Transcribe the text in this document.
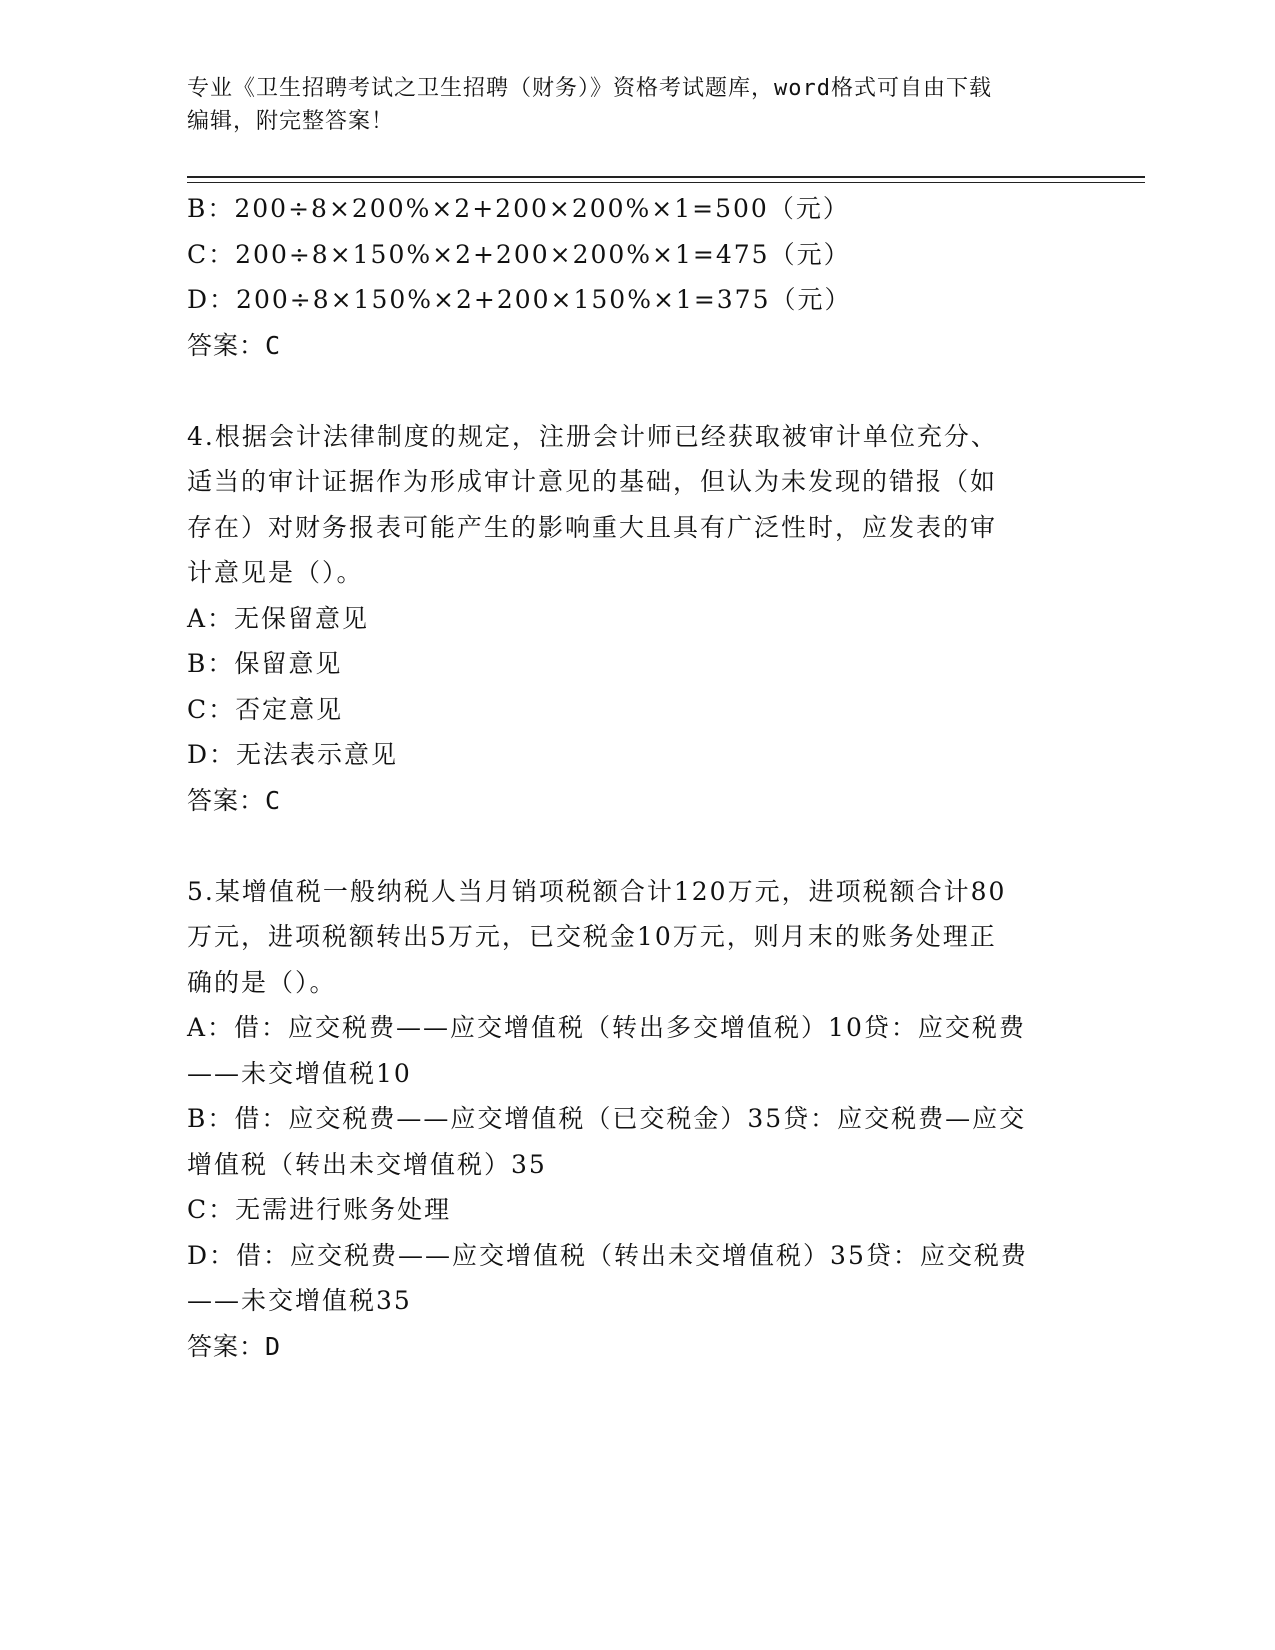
专业《卫生招聘考试之卫生招聘（财务）》资格考试题库，word格式可自由下载
编辑，附完整答案！
B：200÷8×200%×2+200×200%×1=500（元）
C：200÷8×150%×2+200×200%×1=475（元）
D：200÷8×150%×2+200×150%×1=375（元）
答案：C
4.根据会计法律制度的规定，注册会计师已经获取被审计单位充分、
适当的审计证据作为形成审计意见的基础，但认为未发现的错报（如
存在）对财务报表可能产生的影响重大且具有广泛性时，应发表的审
计意见是（）。
A：无保留意见
B：保留意见
C：否定意见
D：无法表示意见
答案：C
5.某增值税一般纳税人当月销项税额合计120万元，进项税额合计80
万元，进项税额转出5万元，已交税金10万元，则月末的账务处理正
确的是（）。
A：借：应交税费——应交增值税（转出多交增值税）10贷：应交税费
——未交增值税10
B：借：应交税费——应交增值税（已交税金）35贷：应交税费—应交
增值税（转出未交增值税）35
C：无需进行账务处理
D：借：应交税费——应交增值税（转出未交增值税）35贷：应交税费
——未交增值税35
答案：D
